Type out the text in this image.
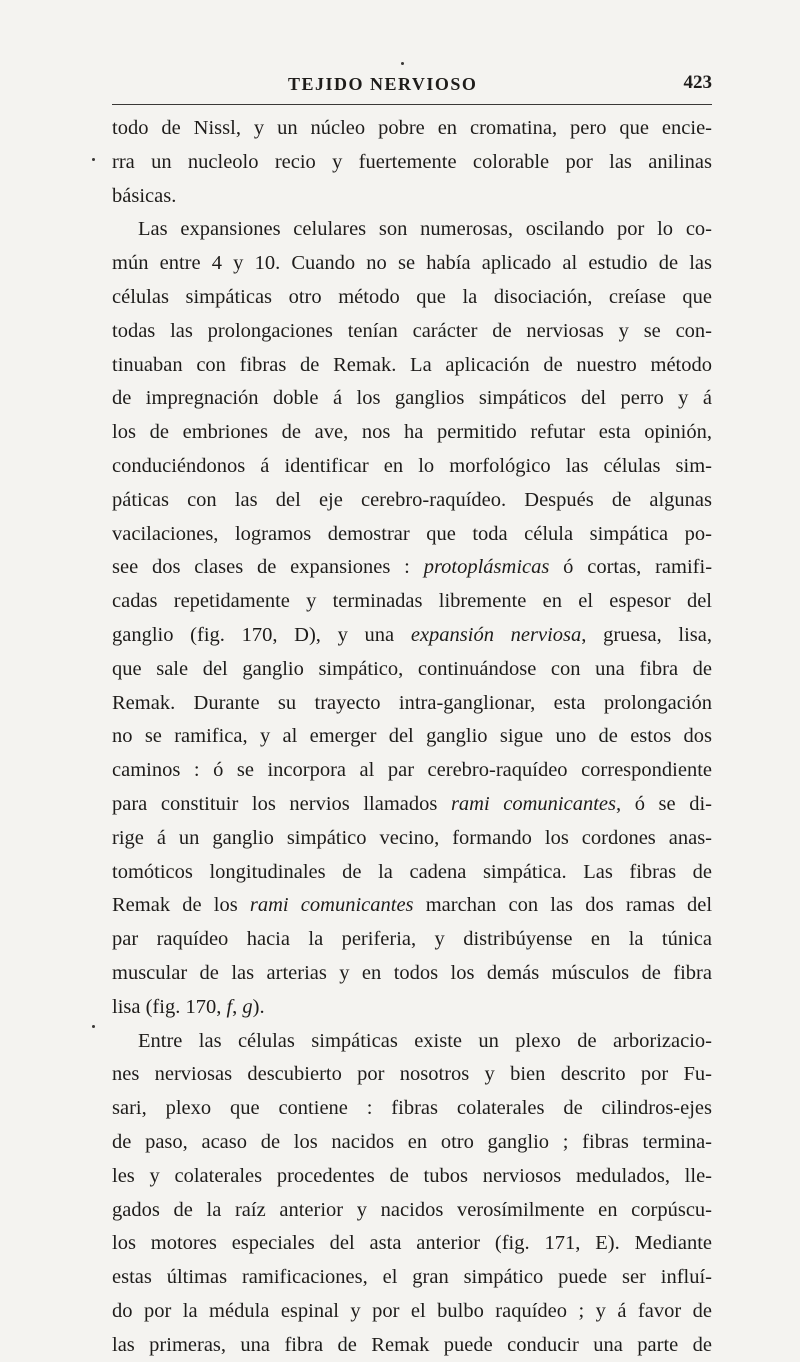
TEJIDO NERVIOSO	423
todo de Nissl, y un núcleo pobre en cromatina, pero que encie-
rra un nucleolo recio y fuertemente colorable por las anilinas
básicas.
Las expansiones celulares son numerosas, oscilando por lo co-
mún entre 4 y 10. Cuando no se había aplicado al estudio de las
células simpáticas otro método que la disociación, creíase que
todas las prolongaciones tenían carácter de nerviosas y se con-
tinuaban con fibras de Remak. La aplicación de nuestro método
de impregnación doble á los ganglios simpáticos del perro y á
los de embriones de ave, nos ha permitido refutar esta opinión,
conduciéndonos á identificar en lo morfológico las células sim-
páticas con las del eje cerebro-raquídeo. Después de algunas
vacilaciones, logramos demostrar que toda célula simpática po-
see dos clases de expansiones : protoplásmicas ó cortas, ramifi-
cadas repetidamente y terminadas libremente en el espesor del
ganglio (fig. 170, D), y una expansión nerviosa, gruesa, lisa,
que sale del ganglio simpático, continuándose con una fibra de
Remak. Durante su trayecto intra-ganglionar, esta prolongación
no se ramifica, y al emerger del ganglio sigue uno de estos dos
caminos : ó se incorpora al par cerebro-raquídeo correspondiente
para constituir los nervios llamados rami comunicantes, ó se di-
rige á un ganglio simpático vecino, formando los cordones anas-
tomóticos longitudinales de la cadena simpática. Las fibras de
Remak de los rami comunicantes marchan con las dos ramas del
par raquídeo hacia la periferia, y distribúyense en la túnica
muscular de las arterias y en todos los demás músculos de fibra
lisa (fig. 170, f, g).
Entre las células simpáticas existe un plexo de arborizacio-
nes nerviosas descubierto por nosotros y bien descrito por Fu-
sari, plexo que contiene : fibras colaterales de cilindros-ejes
de paso, acaso de los nacidos en otro ganglio ; fibras termina-
les y colaterales procedentes de tubos nerviosos medulados, lle-
gados de la raíz anterior y nacidos verosímilmente en corpúscu-
los motores especiales del asta anterior (fig. 171, E). Mediante
estas últimas ramificaciones, el gran simpático puede ser influí-
do por la médula espinal y por el bulbo raquídeo ; y á favor de
las primeras, una fibra de Remak puede conducir una parte de
